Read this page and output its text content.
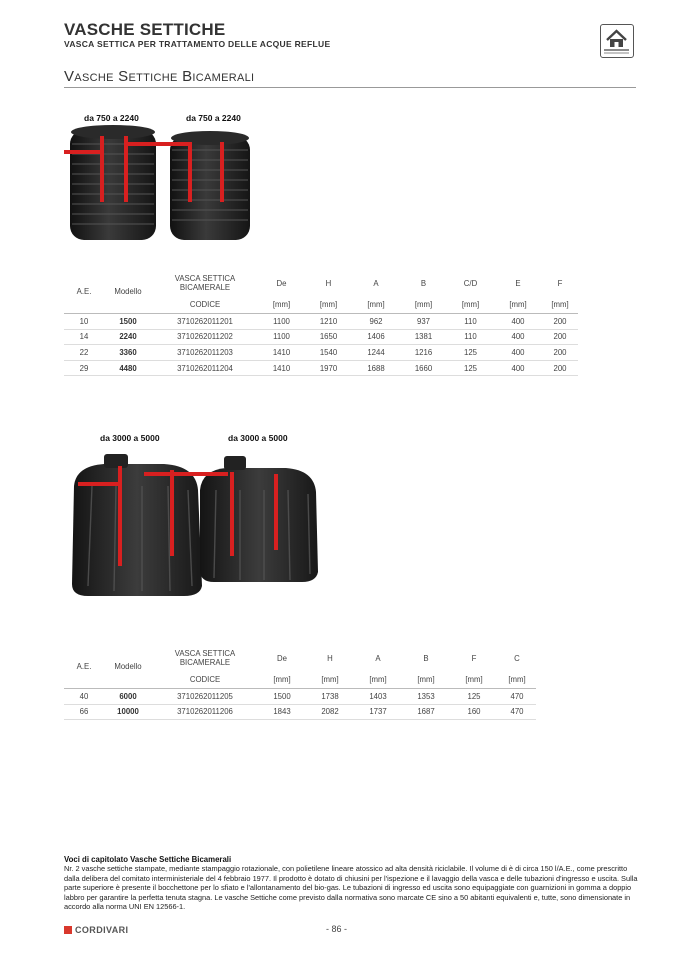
VASCHE SETTICHE
VASCA SETTICA PER TRATTAMENTO DELLE ACQUE REFLUE
Vasche Settiche Bicamerali
da 750 a 2240	da 750 a 2240
A.E.	Modello	VASCA SETTICA BICAMERALE	De	H	A	B	C/D	E	F
		CODICE	[mm]	[mm]	[mm]	[mm]	[mm]	[mm]	[mm]
10	1500	3710262011201	1100	1210	962	937	110	400	200
14	2240	3710262011202	1100	1650	1406	1381	110	400	200
22	3360	3710262011203	1410	1540	1244	1216	125	400	200
29	4480	3710262011204	1410	1970	1688	1660	125	400	200
da 3000 a 5000	da 3000 a 5000
A.E.	Modello	VASCA SETTICA BICAMERALE	De	H	A	B	F	C
		CODICE	[mm]	[mm]	[mm]	[mm]	[mm]	[mm]
40	6000	3710262011205	1500	1738	1403	1353	125	470
66	10000	3710262011206	1843	2082	1737	1687	160	470
Voci di capitolato Vasche Settiche Bicamerali
Nr. 2 vasche settiche stampate, mediante stampaggio rotazionale, con polietilene lineare atossico ad alta densità riciclabile. Il volume di è di circa 150 l/A.E., come prescritto dalla delibera del comitato interministeriale del 4 febbraio 1977. Il prodotto è dotato di chiusini per l'ispezione e il lavaggio della vasca e delle tubazioni d'ingresso e uscita. Sulla parte superiore è presente il bocchettone per lo sfiato e l'allontanamento del bio-gas. Le tubazioni di ingresso ed uscita sono equipaggiate con guarnizioni in gomma a doppio labbro per garantire la perfetta tenuta stagna. Le vasche Settiche come previsto dalla normativa sono marcate CE sino a 50 abitanti equivalenti e, tutte, sono dimensionate in accordo alla norma UNI EN 12566-1.
CORDIVARI	- 86 -
